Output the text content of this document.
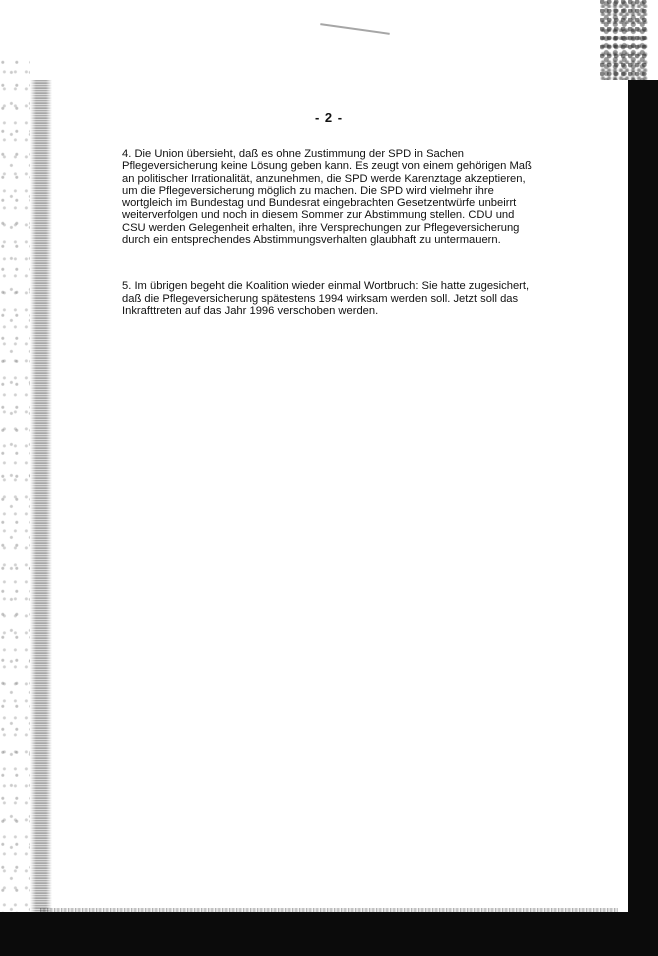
- 2 -

4. Die Union übersieht, daß es ohne Zustimmung der SPD in Sachen
Pflegeversicherung keine Lösung geben kann. Es zeugt von einem gehörigen Maß
an politischer Irrationalität, anzunehmen, die SPD werde Karenztage akzeptieren,
um die Pflegeversicherung möglich zu machen. Die SPD wird vielmehr ihre
wortgleich im Bundestag und Bundesrat eingebrachten Gesetzentwürfe unbeirrt
weiterverfolgen und noch in diesem Sommer zur Abstimmung stellen. CDU und
CSU werden Gelegenheit erhalten, ihre Versprechungen zur Pflegeversicherung
durch ein entsprechendes Abstimmungsverhalten glaubhaft zu untermauern.

5. Im übrigen begeht die Koalition wieder einmal Wortbruch: Sie hatte zugesichert,
daß die Pflegeversicherung spätestens 1994 wirksam werden soll. Jetzt soll das
Inkrafttreten auf das Jahr 1996 verschoben werden.
